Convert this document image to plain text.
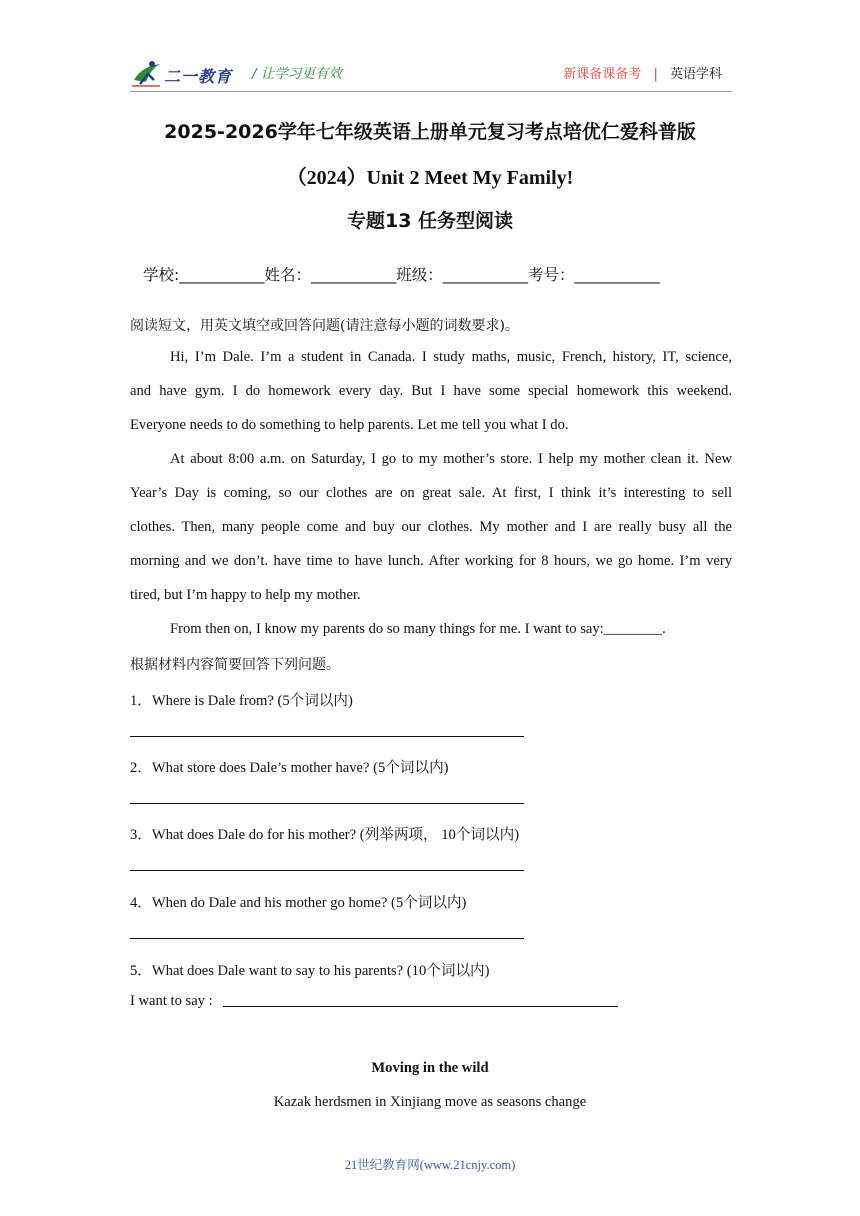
二一教育 / 让学习更有效	新课备课备考 | 英语学科
2025-2026学年七年级英语上册单元复习考点培优仁爱科普版
（2024）Unit 2 Meet My Family!
专题13 任务型阅读
学校:___________姓名：___________班级：___________考号：___________
阅读短文，用英文填空或回答问题(请注意每小题的词数要求)。
Hi, I’m Dale. I’m a student in Canada. I study maths, music, French, history, IT, science,
and have gym. I do homework every day. But I have some special homework this weekend.
Everyone needs to do something to help parents. Let me tell you what I do.
At about 8:00 a.m. on Saturday, I go to my mother’s store. I help my mother clean it. New
Year’s Day is coming, so our clothes are on great sale. At first, I think it’s interesting to sell
clothes. Then, many people come and buy our clothes. My mother and I are really busy all the
morning and we don’t. have time to have lunch. After working for 8 hours, we go home. I’m very
tired, but I’m happy to help my mother.
From then on, I know my parents do so many things for me. I want to say:________.
根据材料内容简要回答下列问题。
1．Where is Dale from? (5个词以内)
2．What store does Dale’s mother have? (5个词以内)
3．What does Dale do for his mother? (列举两项， 10个词以内)
4．When do Dale and his mother go home? (5个词以内)
5．What does Dale want to say to his parents? (10个词以内)
I want to say :
Moving in the wild
Kazak herdsmen in Xinjiang move as seasons change
21世纪教育网(www.21cnjy.com)
